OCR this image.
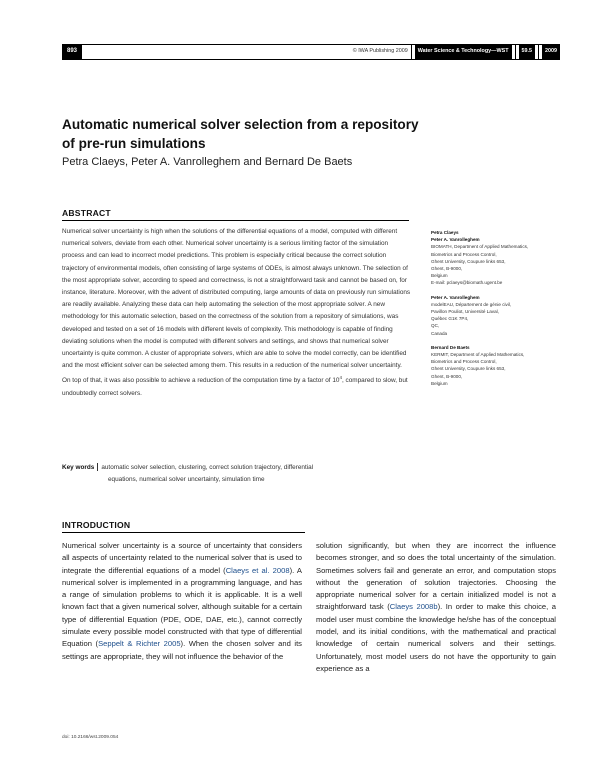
893	© IWA Publishing 2009 Water Science & Technology—WST 59.5 2009
Automatic numerical solver selection from a repository of pre-run simulations
Petra Claeys, Peter A. Vanrolleghem and Bernard De Baets
ABSTRACT
Numerical solver uncertainty is high when the solutions of the differential equations of a model, computed with different numerical solvers, deviate from each other. Numerical solver uncertainty is a serious limiting factor of the simulation process and can lead to incorrect model predictions. This problem is especially critical because the correct solution trajectory of environmental models, often consisting of large systems of ODEs, is almost always unknown. The selection of the most appropriate solver, according to speed and correctness, is not a straightforward task and cannot be based on, for instance, literature. Moreover, with the advent of distributed computing, large amounts of data on previously run simulations are readily available. Analyzing these data can help automating the selection of the most appropriate solver. A new methodology for this automatic selection, based on the correctness of the solution from a repository of simulations, was developed and tested on a set of 16 models with different levels of complexity. This methodology is capable of finding deviating solutions when the model is computed with different solvers and settings, and shows that numerical solver uncertainty is quite common. A cluster of appropriate solvers, which are able to solve the model correctly, can be identified and the most efficient solver can be selected among them. This results in a reduction of the numerical solver uncertainty. On top of that, it was also possible to achieve a reduction of the computation time by a factor of $10^4$, compared to slow, but undoubtedly correct solvers.
Key words automatic solver selection, clustering, correct solution trajectory, differential
equations, numerical solver uncertainty, simulation time
Petra Claeys
Peter A. Vanrolleghem
BIOMATH, Department of Applied Mathematics,
Biometrics and Process Control,
Ghent University, Coupure links 653,
Ghent, B-9000,
Belgium
E-mail: pclaeys@biomath.ugent.be
Peter A. Vanrolleghem
modelEAU, Département de génie civil,
Pavillon Pouliot, Université Laval,
Québec G1K 7P4,
QC,
Canada
Bernard De Baets
KERMIT, Department of Applied Mathematics,
Biometrics and Process Control,
Ghent University, Coupure links 653,
Ghent, B-9000,
Belgium
INTRODUCTION
Numerical solver uncertainty is a source of uncertainty that considers all aspects of uncertainty related to the numerical solver that is used to integrate the differential equations of a model (Claeys et al. 2008). A numerical solver is implemented in a programming language, and has a range of simulation problems to which it is applicable. It is a well known fact that a given numerical solver, although suitable for a certain type of differential Equation (PDE, ODE, DAE, etc.), cannot correctly simulate every possible model constructed with that type of differential Equation (Seppelt & Richter 2005). When the chosen solver and its settings are appropriate, they will not influence the behavior of the
solution significantly, but when they are incorrect the influence becomes stronger, and so does the total uncertainty of the simulation. Sometimes solvers fail and generate an error, and computation stops without the generation of solution trajectories. Choosing the appropriate numerical solver for a certain initialized model is not a straightforward task (Claeys 2008b). In order to make this choice, a model user must combine the knowledge he/she has of the conceptual model, and its initial conditions, with the mathematical and practical knowledge of certain numerical solvers and their settings. Unfortunately, most model users do not have the opportunity to gain experience as a
doi: 10.2166/wst.2009.054
